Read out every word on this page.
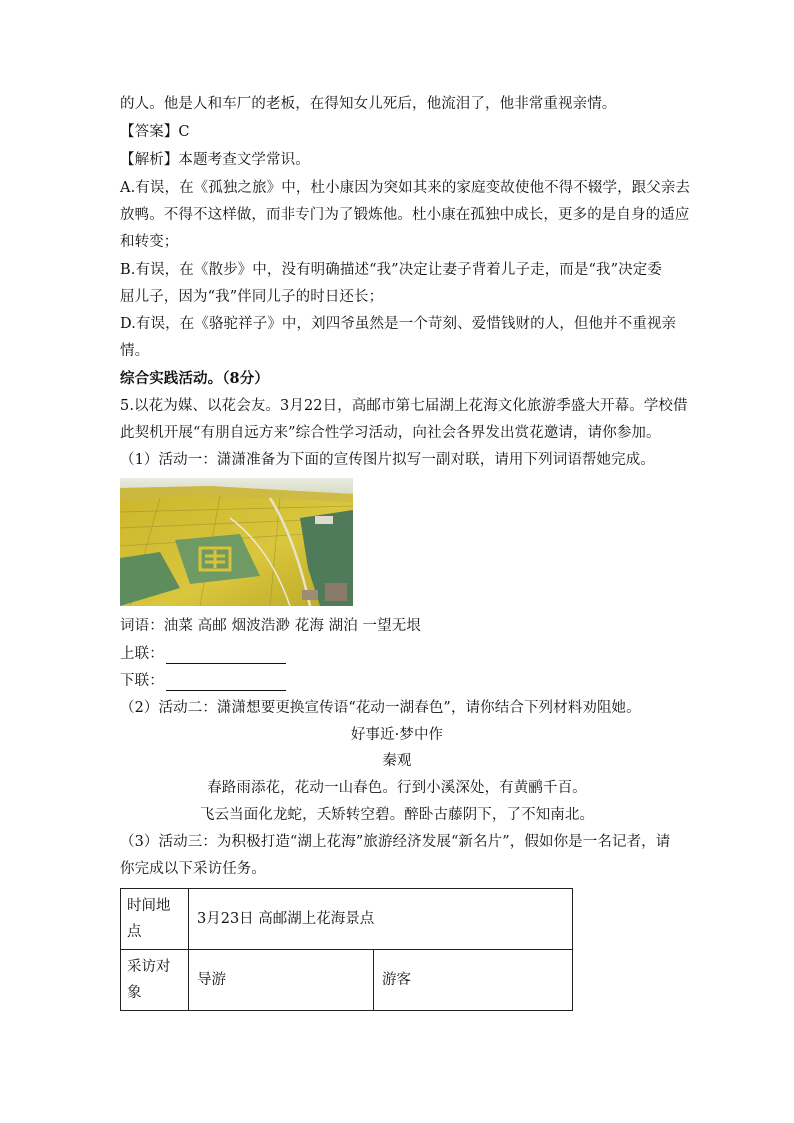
的人。他是人和车厂的老板，在得知女儿死后，他流泪了，他非常重视亲情。
【答案】C
【解析】本题考查文学常识。
A.有误，在《孤独之旅》中，杜小康因为突如其来的家庭变故使他不得不辍学，跟父亲去
放鸭。不得不这样做，而非专门为了锻炼他。杜小康在孤独中成长，更多的是自身的适应
和转变；
B.有误，在《散步》中，没有明确描述“我”决定让妻子背着儿子走，而是“我”决定委
屈儿子，因为“我”伴同儿子的时日还长；
D.有误，在《骆驼祥子》中，刘四爷虽然是一个苛刻、爱惜钱财的人，但他并不重视亲
情。
综合实践活动。（8分）
5.以花为媒、以花会友。3月22日，高邮市第七届湖上花海文化旅游季盛大开幕。学校借
此契机开展“有朋自远方来”综合性学习活动，向社会各界发出赏花邀请，请你参加。
（1）活动一：潇潇准备为下面的宣传图片拟写一副对联，请用下列词语帮她完成。
词语：油菜 高邮 烟波浩渺 花海 湖泊 一望无垠
上联：
下联：
（2）活动二：潇潇想要更换宣传语“花动一湖春色”，请你结合下列材料劝阻她。
好事近·梦中作
秦观
春路雨添花，花动一山春色。行到小溪深处，有黄鹂千百。
飞云当面化龙蛇，夭矫转空碧。醉卧古藤阴下，了不知南北。
（3）活动三：为积极打造“湖上花海”旅游经济发展“新名片”，假如你是一名记者，请
你完成以下采访任务。
时间地
点	3月23日 高邮湖上花海景点	

采访对
象	导游	游客
